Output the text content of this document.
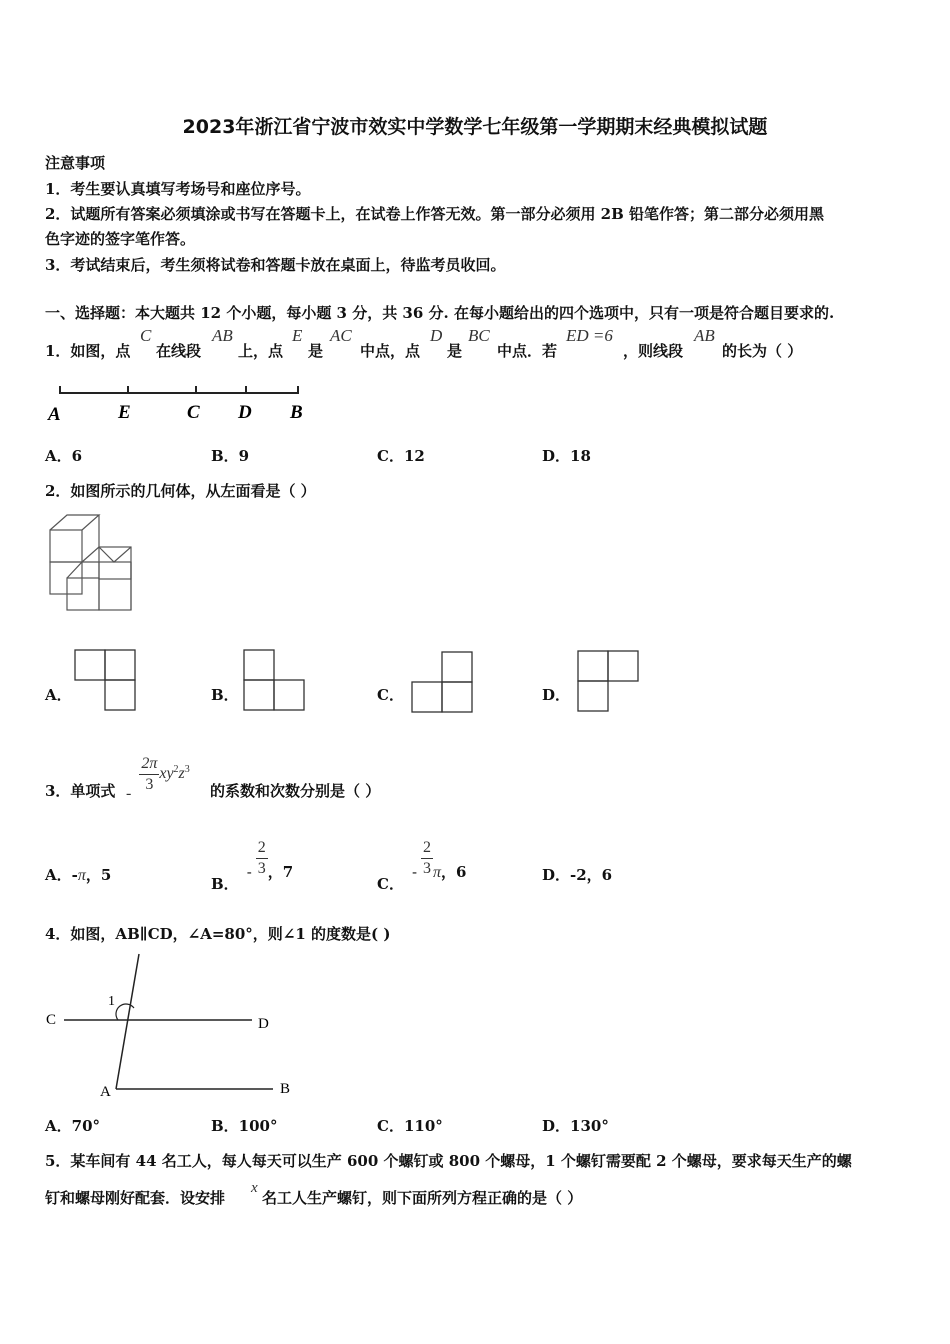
2023年浙江省宁波市效实中学数学七年级第一学期期末经典模拟试题
注意事项
1．考生要认真填写考场号和座位序号。
2．试题所有答案必须填涂或书写在答题卡上，在试卷上作答无效。第一部分必须用 2B 铅笔作答；第二部分必须用黑
色字迹的签字笔作答。
3．考试结束后，考生须将试卷和答题卡放在桌面上，待监考员收回。
一、选择题：本大题共 12 个小题，每小题 3 分，共 36 分. 在每小题给出的四个选项中，只有一项是符合题目要求的.
1．如图，点
C
在线段
AB
上，点
E
是
AC
中点，点
D
是
BC
中点．若
ED =6
，则线段
AB
的长为（ ）
A	E	C D B
A．6	B．9	C．12	D．18
2．如图所示的几何体，从左面看是（ ）
A．	B．	C．	D．
3．单项式 - $\frac{2\pi}{3} xy^2z^3$
的系数和次数分别是（ ）
A．-π，5	B．- $\frac{2}{3}$ ，7
C．- $\frac{2}{3}$ π，6	D．-2，6
4．如图，AB∥CD，∠A=80°，则∠1 的度数是( )
C	D
A	B
1
A．70°	B．100°	C．110°	D．130°
5．某车间有 44 名工人，每人每天可以生产 600 个螺钉或 800 个螺母，1 个螺钉需要配 2 个螺母，要求每天生产的螺
钉和螺母刚好配套．设安排
x
名工人生产螺钉，则下面所列方程正确的是（ ）
